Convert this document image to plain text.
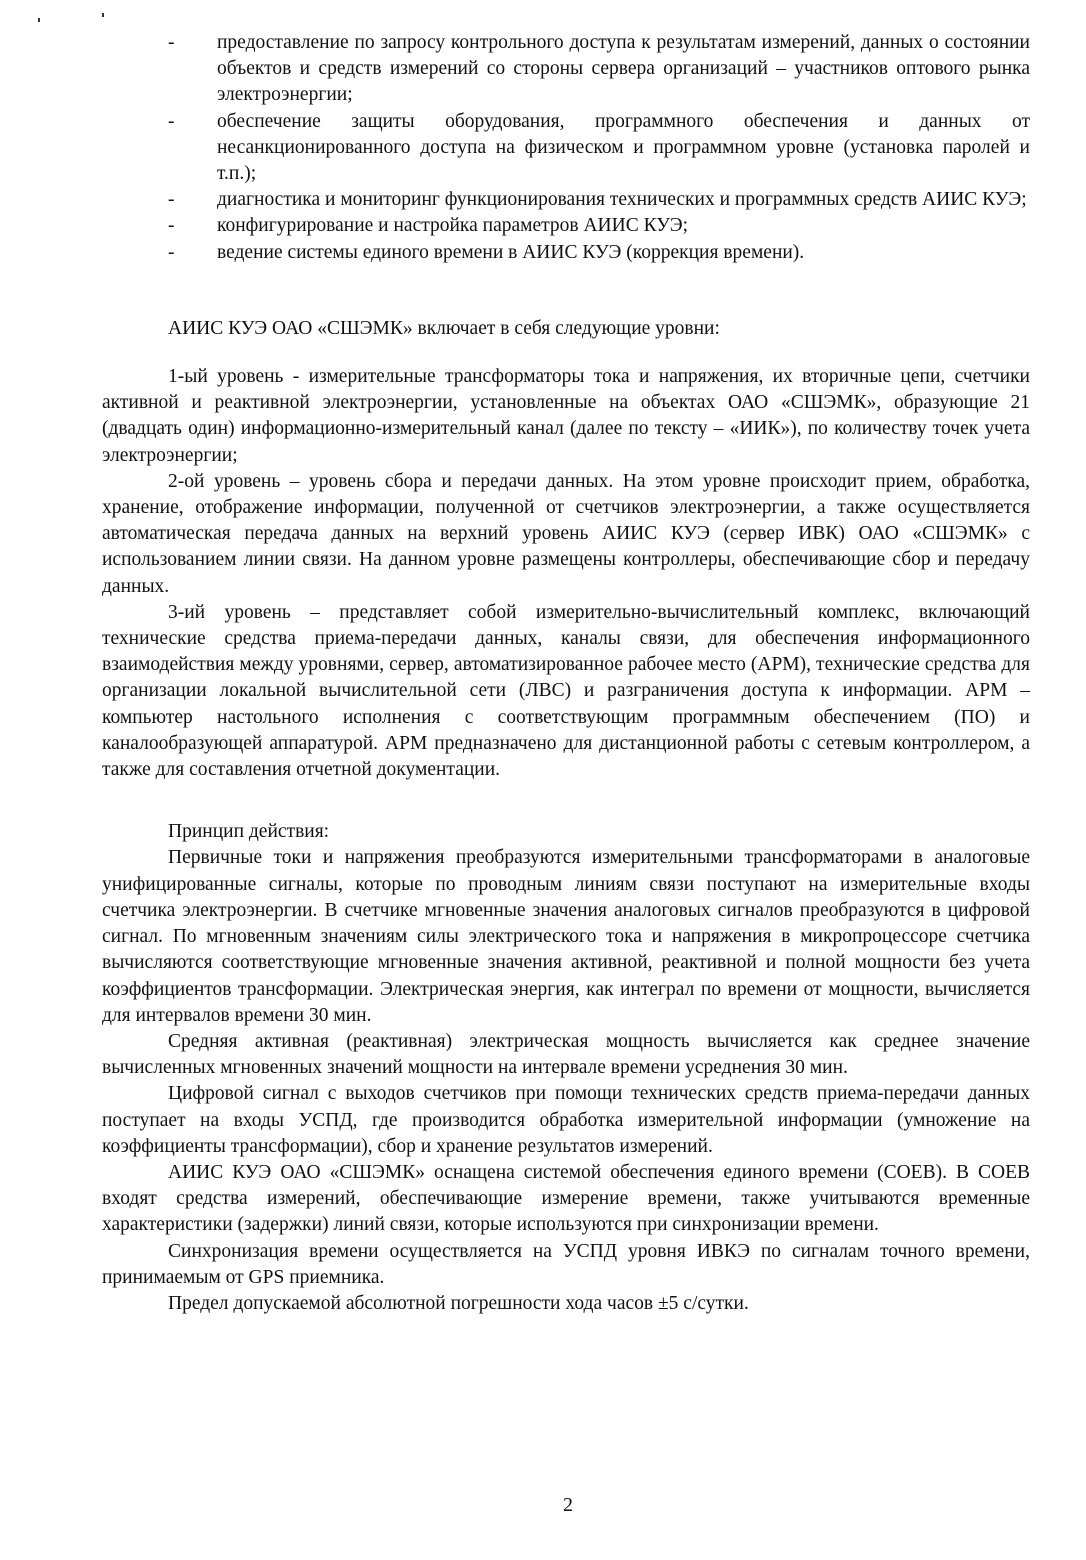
- предоставление по запросу контрольного доступа к результатам измерений, данных о состоянии объектов и средств измерений со стороны сервера организаций – участников оптового рынка электроэнергии;
- обеспечение защиты оборудования, программного обеспечения и данных от несанкционированного доступа на физическом и программном уровне (установка паролей и т.п.);
- диагностика и мониторинг функционирования технических и программных средств АИИС КУЭ;
- конфигурирование и настройка параметров АИИС КУЭ;
- ведение системы единого времени в АИИС КУЭ (коррекция времени).

АИИС КУЭ ОАО «СШЭМК» включает в себя следующие уровни:

1-ый уровень - измерительные трансформаторы тока и напряжения, их вторичные цепи, счетчики активной и реактивной электроэнергии, установленные на объектах ОАО «СШЭМК», образующие 21 (двадцать один) информационно-измерительный канал (далее по тексту – «ИИК»), по количеству точек учета электроэнергии;

2-ой уровень – уровень сбора и передачи данных. На этом уровне происходит прием, обработка, хранение, отображение информации, полученной от счетчиков электроэнергии, а также осуществляется автоматическая передача данных на верхний уровень АИИС КУЭ (сервер ИВК) ОАО «СШЭМК» с использованием линии связи. На данном уровне размещены контроллеры, обеспечивающие сбор и передачу данных.

3-ий уровень – представляет собой измерительно-вычислительный комплекс, включающий технические средства приема-передачи данных, каналы связи, для обеспечения информационного взаимодействия между уровнями, сервер, автоматизированное рабочее место (АРМ), технические средства для организации локальной вычислительной сети (ЛВС) и разграничения доступа к информации. АРМ – компьютер настольного исполнения с соответствующим программным обеспечением (ПО) и каналообразующей аппаратурой. АРМ предназначено для дистанционной работы с сетевым контроллером, а также для составления отчетной документации.

Принцип действия:

Первичные токи и напряжения преобразуются измерительными трансформаторами в аналоговые унифицированные сигналы, которые по проводным линиям связи поступают на измерительные входы счетчика электроэнергии. В счетчике мгновенные значения аналоговых сигналов преобразуются в цифровой сигнал. По мгновенным значениям силы электрического тока и напряжения в микропроцессоре счетчика вычисляются соответствующие мгновенные значения активной, реактивной и полной мощности без учета коэффициентов трансформации. Электрическая энергия, как интеграл по времени от мощности, вычисляется для интервалов времени 30 мин.

Средняя активная (реактивная) электрическая мощность вычисляется как среднее значение вычисленных мгновенных значений мощности на интервале времени усреднения 30 мин.

Цифровой сигнал с выходов счетчиков при помощи технических средств приема-передачи данных поступает на входы УСПД, где производится обработка измерительной информации (умножение на коэффициенты трансформации), сбор и хранение результатов измерений.

АИИС КУЭ ОАО «СШЭМК» оснащена системой обеспечения единого времени (СОЕВ). В СОЕВ входят средства измерений, обеспечивающие измерение времени, также учитываются временные характеристики (задержки) линий связи, которые используются при синхронизации времени.

Синхронизация времени осуществляется на УСПД уровня ИВКЭ по сигналам точного времени, принимаемым от GPS приемника.

Предел допускаемой абсолютной погрешности хода часов ±5 с/сутки.

2
